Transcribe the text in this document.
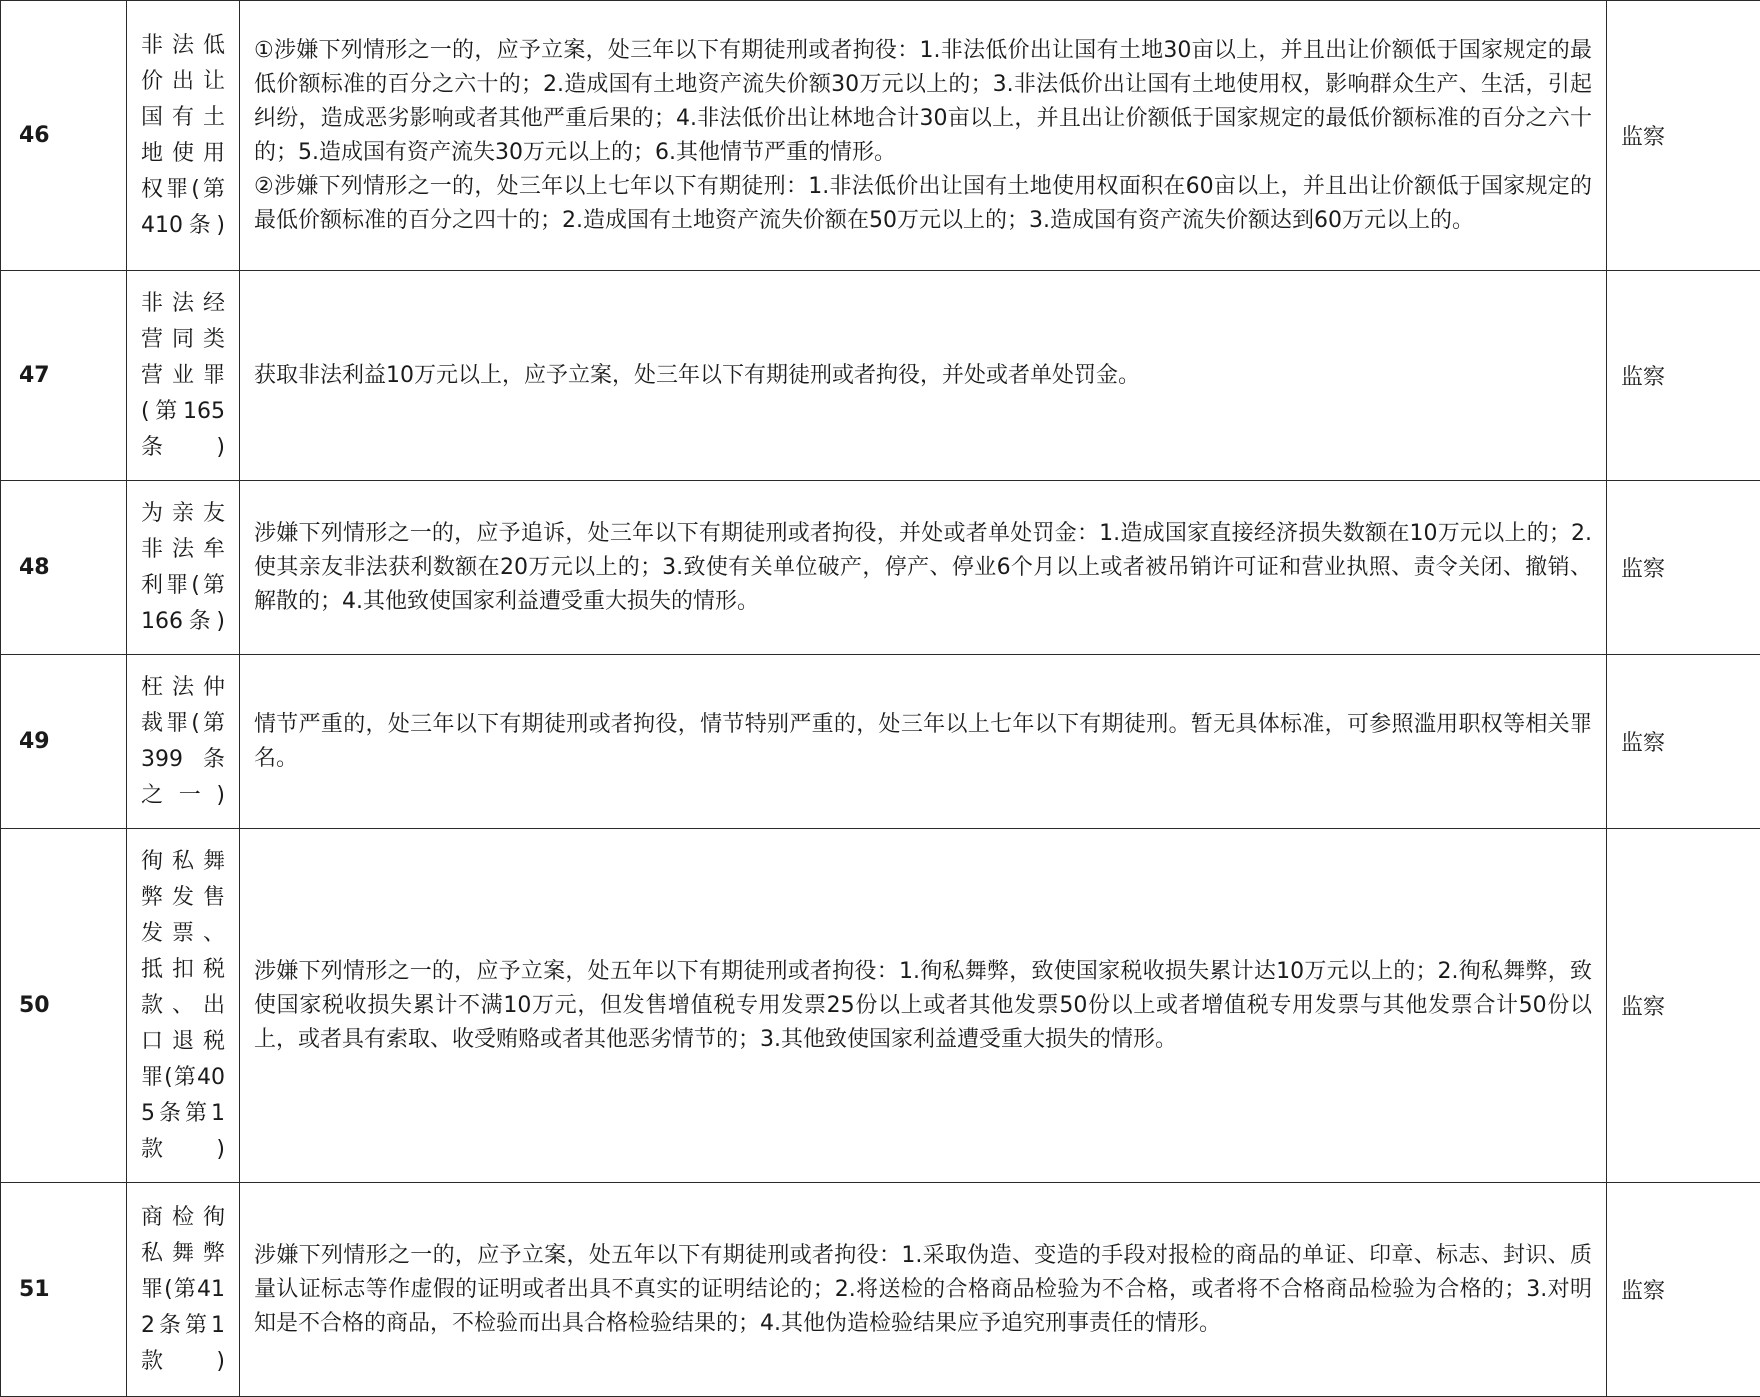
46	非法低价出让国有土地使用权罪(第410条)	①涉嫌下列情形之一的，应予立案，处三年以下有期徒刑或者拘役：1.非法低价出让国有土地30亩以上，并且出让价额低于国家规定的最低价额标准的百分之六十的；2.造成国有土地资产流失价额30万元以上的；3.非法低价出让国有土地使用权，影响群众生产、生活，引起纠纷，造成恶劣影响或者其他严重后果的；4.非法低价出让林地合计30亩以上，并且出让价额低于国家规定的最低价额标准的百分之六十的；5.造成国有资产流失30万元以上的；6.其他情节严重的情形。
②涉嫌下列情形之一的，处三年以上七年以下有期徒刑：1.非法低价出让国有土地使用权面积在60亩以上，并且出让价额低于国家规定的最低价额标准的百分之四十的；2.造成国有土地资产流失价额在50万元以上的；3.造成国有资产流失价额达到60万元以上的。	监察
47	非法经营同类营业罪(第165条)	获取非法利益10万元以上，应予立案，处三年以下有期徒刑或者拘役，并处或者单处罚金。	监察
48	为亲友非法牟利罪(第166条)	涉嫌下列情形之一的，应予追诉，处三年以下有期徒刑或者拘役，并处或者单处罚金：1.造成国家直接经济损失数额在10万元以上的；2.使其亲友非法获利数额在20万元以上的；3.致使有关单位破产，停产、停业6个月以上或者被吊销许可证和营业执照、责令关闭、撤销、解散的；4.其他致使国家利益遭受重大损失的情形。	监察
49	枉法仲裁罪(第399条之一)	情节严重的，处三年以下有期徒刑或者拘役，情节特别严重的，处三年以上七年以下有期徒刑。暂无具体标准，可参照滥用职权等相关罪名。	监察
50	徇私舞弊发售发票、抵扣税款、出口退税罪(第405条第1款)	涉嫌下列情形之一的，应予立案，处五年以下有期徒刑或者拘役：1.徇私舞弊，致使国家税收损失累计达10万元以上的；2.徇私舞弊，致使国家税收损失累计不满10万元，但发售增值税专用发票25份以上或者其他发票50份以上或者增值税专用发票与其他发票合计50份以上，或者具有索取、收受贿赂或者其他恶劣情节的；3.其他致使国家利益遭受重大损失的情形。	监察
51	商检徇私舞弊罪(第412条第1款)	涉嫌下列情形之一的，应予立案，处五年以下有期徒刑或者拘役：1.采取伪造、变造的手段对报检的商品的单证、印章、标志、封识、质量认证标志等作虚假的证明或者出具不真实的证明结论的；2.将送检的合格商品检验为不合格，或者将不合格商品检验为合格的；3.对明知是不合格的商品，不检验而出具合格检验结果的；4.其他伪造检验结果应予追究刑事责任的情形。	监察
